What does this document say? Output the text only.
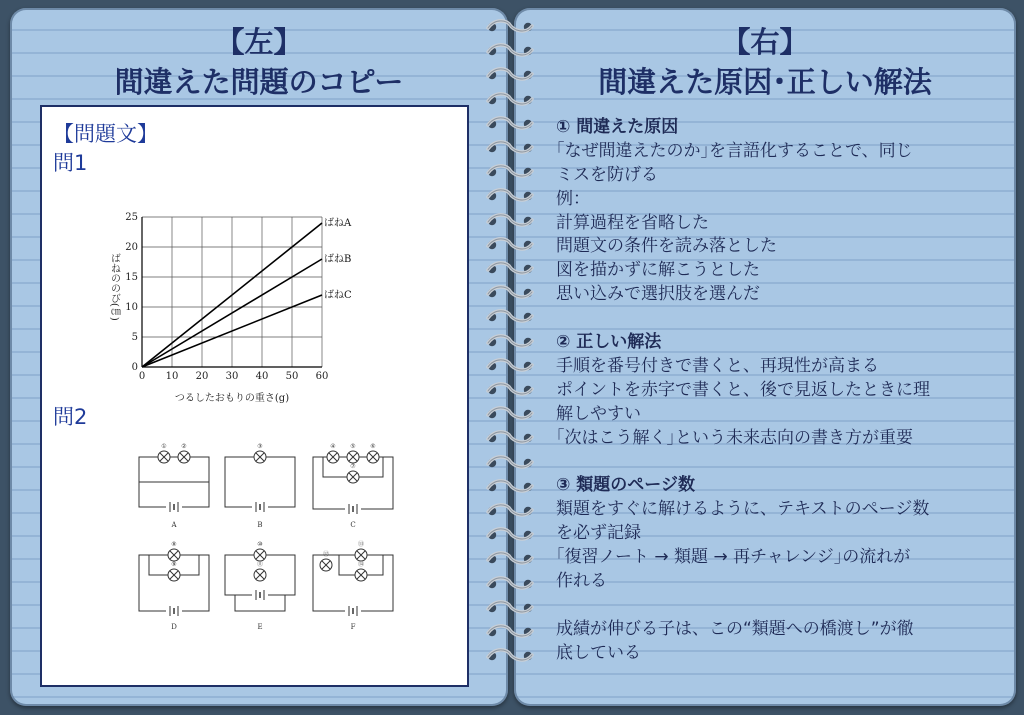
【左】
間違えた問題のコピー
【問題文】
問1
0 10 20 30 40 50 60
0
5
10
15
20
25
ばねA
ばねB
ばねC
つるしたおもりの重さ(g)
ばねののび(㎝)
問2
① ②
A
③
B
④ ⑤ ⑥
⑦
C
⑧
⑨
D
⑩
⑪
E
⑫
⑬
⑭
F
【右】
間違えた原因･正しい解法
① 間違えた原因
｢なぜ間違えたのか｣を言語化することで、同じ
ミスを防げる
例：
計算過程を省略した
問題文の条件を読み落とした
図を描かずに解こうとした
思い込みで選択肢を選んだ
② 正しい解法
手順を番号付きで書くと、再現性が高まる
ポイントを赤字で書くと、後で見返したときに理
解しやすい
｢次はこう解く｣という未来志向の書き方が重要
③ 類題のページ数
類題をすぐに解けるように、テキストのページ数
を必ず記録
｢復習ノート → 類題 → 再チャレンジ｣の流れが
作れる
成績が伸びる子は、この“類題への橋渡し”が徹
底している
